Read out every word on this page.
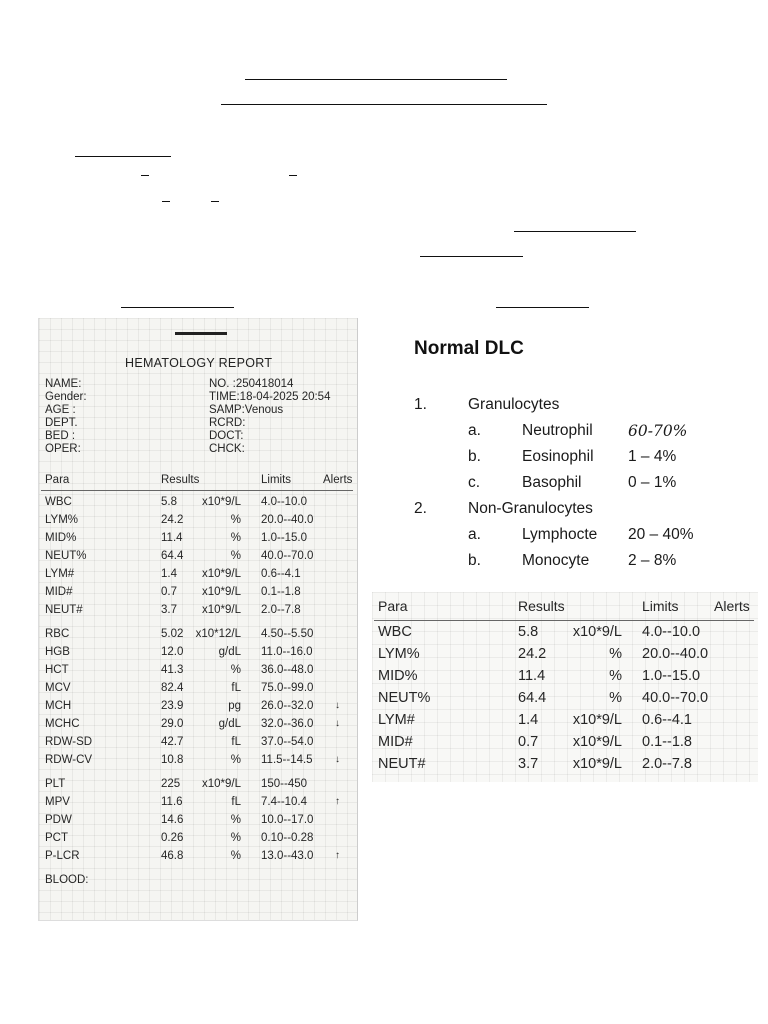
HEMATOLOGY REPORT
NAME:
Gender:
AGE :
DEPT.
BED :
OPER:
NO. :250418014
TIME:18-04-2025 20:54
SAMP:Venous
RCRD:
DOCT:
CHCK:
Para	Results	Limits	Alerts
WBC	5.8 x10*9/L 4.0--10.0
LYM%	24.2	% 20.0--40.0
MID%	11.4	% 1.0--15.0
NEUT%	64.4	% 40.0--70.0
LYM#	1.4 x10*9/L 0.6--4.1
MID#	0.7 x10*9/L 0.1--1.8
NEUT#	3.7 x10*9/L 2.0--7.8
RBC	5.02 x10*12/L 4.50--5.50
HGB	12.0	g/dL 11.0--16.0
HCT	41.3	% 36.0--48.0
MCV	82.4	fL 75.0--99.0
MCH	23.9	pg 26.0--32.0 ↓
MCHC	29.0	g/dL 32.0--36.0 ↓
RDW-SD	42.7	fL 37.0--54.0
RDW-CV	10.8	% 11.5--14.5 ↓
PLT	225 x10*9/L 150--450
MPV	11.6	fL 7.4--10.4	↑
PDW	14.6	% 10.0--17.0
PCT	0.26	% 0.10--0.28
P-LCR	46.8	% 13.0--43.0 ↑
BLOOD:
Normal DLC
1.	Granulocytes
a.	Neutrophil 60-70%
b.	Eosinophil 1 – 4%
c.	Basophil	0 – 1%
2.	Non-Granulocytes
a.	Lymphocte 20 – 40%
b.	Monocyte	2 – 8%
Para	Results	Limits	Alerts
WBC	5.8 x10*9/L 4.0--10.0
LYM%	24.2	% 20.0--40.0
MID%	11.4	% 1.0--15.0
NEUT%	64.4	% 40.0--70.0
LYM#	1.4 x10*9/L 0.6--4.1
MID#	0.7 x10*9/L 0.1--1.8
NEUT#	3.7 x10*9/L 2.0--7.8
